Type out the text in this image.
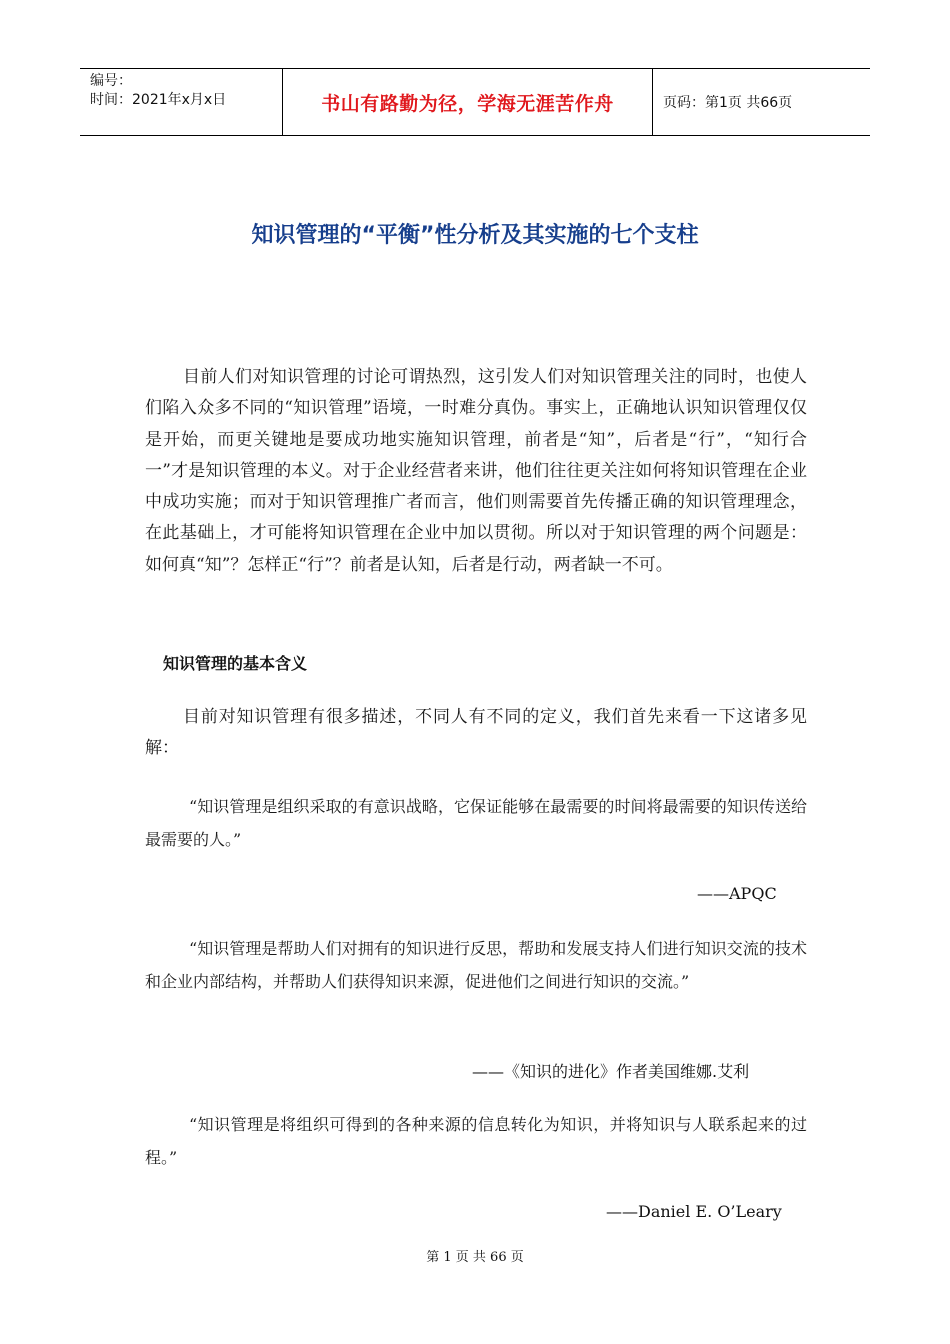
编号：
时间：2021年x月x日	书山有路勤为径，学海无涯苦作舟	页码：第1页 共66页
知识管理的“平衡”性分析及其实施的七个支柱

目前人们对知识管理的讨论可谓热烈，这引发人们对知识管理关注的同时，也使人们陷入众多不同的“知识管理”语境，一时难分真伪。事实上，正确地认识知识管理仅仅是开始，而更关键地是要成功地实施知识管理，前者是“知”，后者是“行”，“知行合一”才是知识管理的本义。对于企业经营者来讲，他们往往更关注如何将知识管理在企业中成功实施；而对于知识管理推广者而言，他们则需要首先传播正确的知识管理理念，在此基础上，才可能将知识管理在企业中加以贯彻。所以对于知识管理的两个问题是：如何真“知”？怎样正“行”？前者是认知，后者是行动，两者缺一不可。

知识管理的基本含义

目前对知识管理有很多描述，不同人有不同的定义，我们首先来看一下这诸多见解：

“知识管理是组织采取的有意识战略，它保证能够在最需要的时间将最需要的知识传送给最需要的人。”

——APQC

“知识管理是帮助人们对拥有的知识进行反思，帮助和发展支持人们进行知识交流的技术和企业内部结构，并帮助人们获得知识来源，促进他们之间进行知识的交流。”

——《知识的进化》作者美国维娜.艾利

“知识管理是将组织可得到的各种来源的信息转化为知识，并将知识与人联系起来的过程。”

——Daniel E. O’Leary
第 1 页 共 66 页
